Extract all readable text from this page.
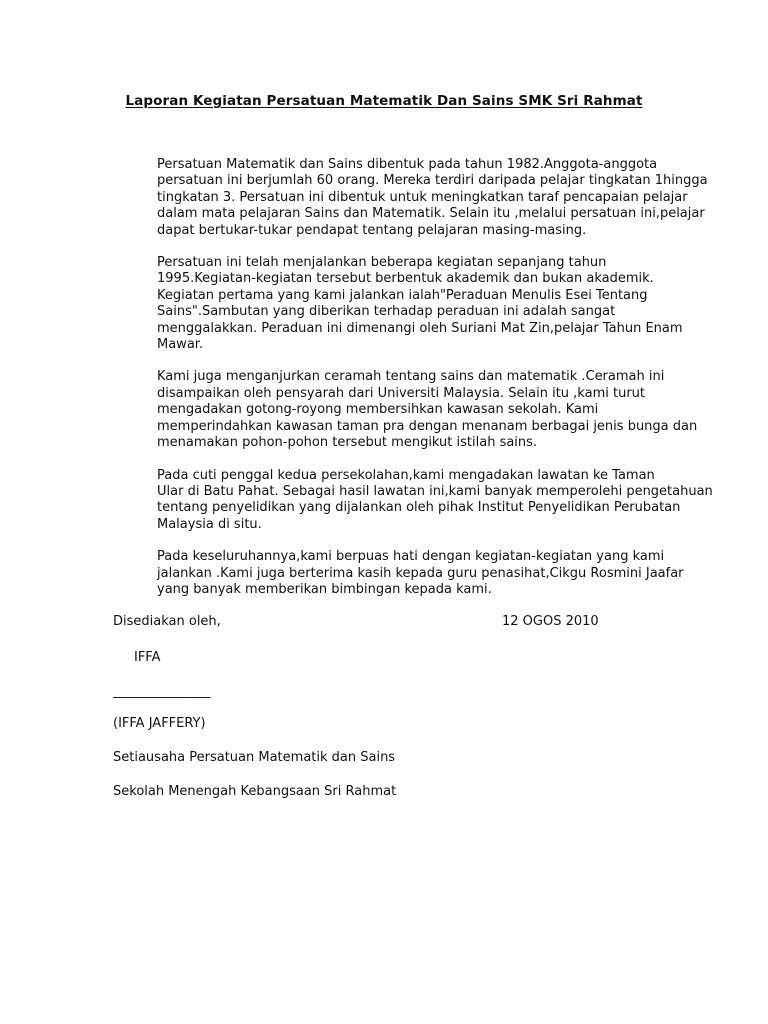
Laporan Kegiatan Persatuan Matematik Dan Sains SMK Sri Rahmat

Persatuan Matematik dan Sains dibentuk pada tahun 1982.Anggota-anggota
persatuan ini berjumlah 60 orang. Mereka terdiri daripada pelajar tingkatan 1hingga
tingkatan 3. Persatuan ini dibentuk untuk meningkatkan taraf pencapaian pelajar
dalam mata pelajaran Sains dan Matematik. Selain itu ,melalui persatuan ini,pelajar
dapat bertukar-tukar pendapat tentang pelajaran masing-masing.

Persatuan ini telah menjalankan beberapa kegiatan sepanjang tahun
1995.Kegiatan-kegiatan tersebut berbentuk akademik dan bukan akademik.
Kegiatan pertama yang kami jalankan ialah"Peraduan Menulis Esei Tentang
Sains".Sambutan yang diberikan terhadap peraduan ini adalah sangat
menggalakkan. Peraduan ini dimenangi oleh Suriani Mat Zin,pelajar Tahun Enam
Mawar.

Kami juga menganjurkan ceramah tentang sains dan matematik .Ceramah ini
disampaikan oleh pensyarah dari Universiti Malaysia. Selain itu ,kami turut
mengadakan gotong-royong membersihkan kawasan sekolah. Kami
memperindahkan kawasan taman pra dengan menanam berbagai jenis bunga dan
menamakan pohon-pohon tersebut mengikut istilah sains.

Pada cuti penggal kedua persekolahan,kami mengadakan lawatan ke Taman
Ular di Batu Pahat. Sebagai hasil lawatan ini,kami banyak memperolehi pengetahuan
tentang penyelidikan yang dijalankan oleh pihak Institut Penyelidikan Perubatan
Malaysia di situ.

Pada keseluruhannya,kami berpuas hati dengan kegiatan-kegiatan yang kami
jalankan .Kami juga berterima kasih kepada guru penasihat,Cikgu Rosmini Jaafar
yang banyak memberikan bimbingan kepada kami.

Disediakan oleh,	12 OGOS 2010
IFFA
_______________
(IFFA JAFFERY)
Setiausaha Persatuan Matematik dan Sains
Sekolah Menengah Kebangsaan Sri Rahmat
